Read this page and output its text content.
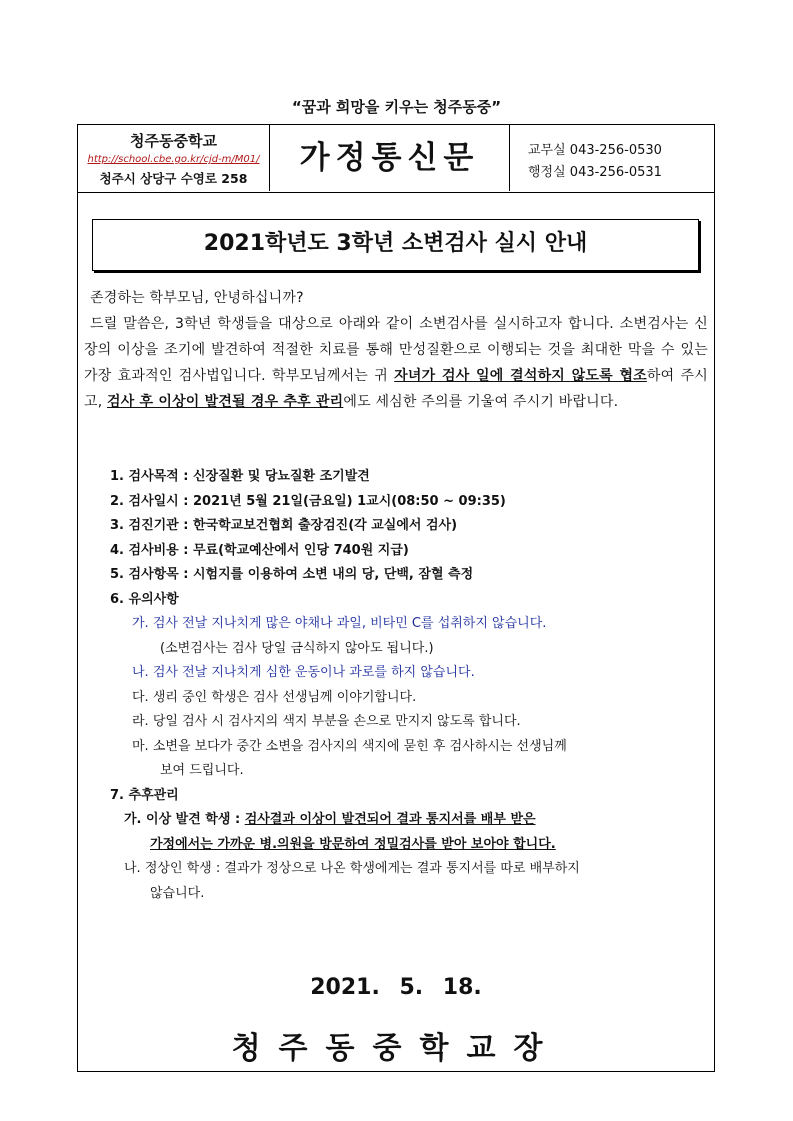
“꿈과 희망을 키우는 청주동중”
청주동중학교
http://school.cbe.go.kr/cjd-m/M01/
청주시 상당구 수영로 258
가정통신문	교무실 043-256-0530
행정실 043-256-0531
2021학년도 3학년 소변검사 실시 안내

존경하는 학부모님, 안녕하십니까?

드릴 말씀은, 3학년 학생들을 대상으로 아래와 같이 소변검사를 실시하고자 합니다. 소변검사는 신장의 이상을 조기에 발견하여 적절한 치료를 통해 만성질환으로 이행되는 것을 최대한 막을 수 있는 가장 효과적인 검사법입니다. 학부모님께서는 귀 자녀가 검사 일에 결석하지 않도록 협조하여 주시고, 검사 후 이상이 발견될 경우 추후 관리에도 세심한 주의를 기울여 주시기 바랍니다.

1. 검사목적 : 신장질환 및 당뇨질환 조기발견
2. 검사일시 : 2021년 5월 21일(금요일) 1교시(08:50 ~ 09:35)
3. 검진기관 : 한국학교보건협회 출장검진(각 교실에서 검사)
4. 검사비용 : 무료(학교예산에서 인당 740원 지급)
5. 검사항목 : 시험지를 이용하여 소변 내의 당, 단백, 잠혈 측정
6. 유의사항
가. 검사 전날 지나치게 많은 야채나 과일, 비타민 C를 섭취하지 않습니다.
(소변검사는 검사 당일 금식하지 않아도 됩니다.)
나. 검사 전날 지나치게 심한 운동이나 과로를 하지 않습니다.
다. 생리 중인 학생은 검사 선생님께 이야기합니다.
라. 당일 검사 시 검사지의 색지 부분을 손으로 만지지 않도록 합니다.
마. 소변을 보다가 중간 소변을 검사지의 색지에 묻힌 후 검사하시는 선생님께
보여 드립니다.
7. 추후관리
가. 이상 발견 학생 : 검사결과 이상이 발견되어 결과 통지서를 배부 받은
가정에서는 가까운 병.의원을 방문하여 정밀검사를 받아 보아야 합니다.
나. 정상인 학생 : 결과가 정상으로 나온 학생에게는 결과 통지서를 따로 배부하지
않습니다.
2021. 5. 18.
청주동중학교장
